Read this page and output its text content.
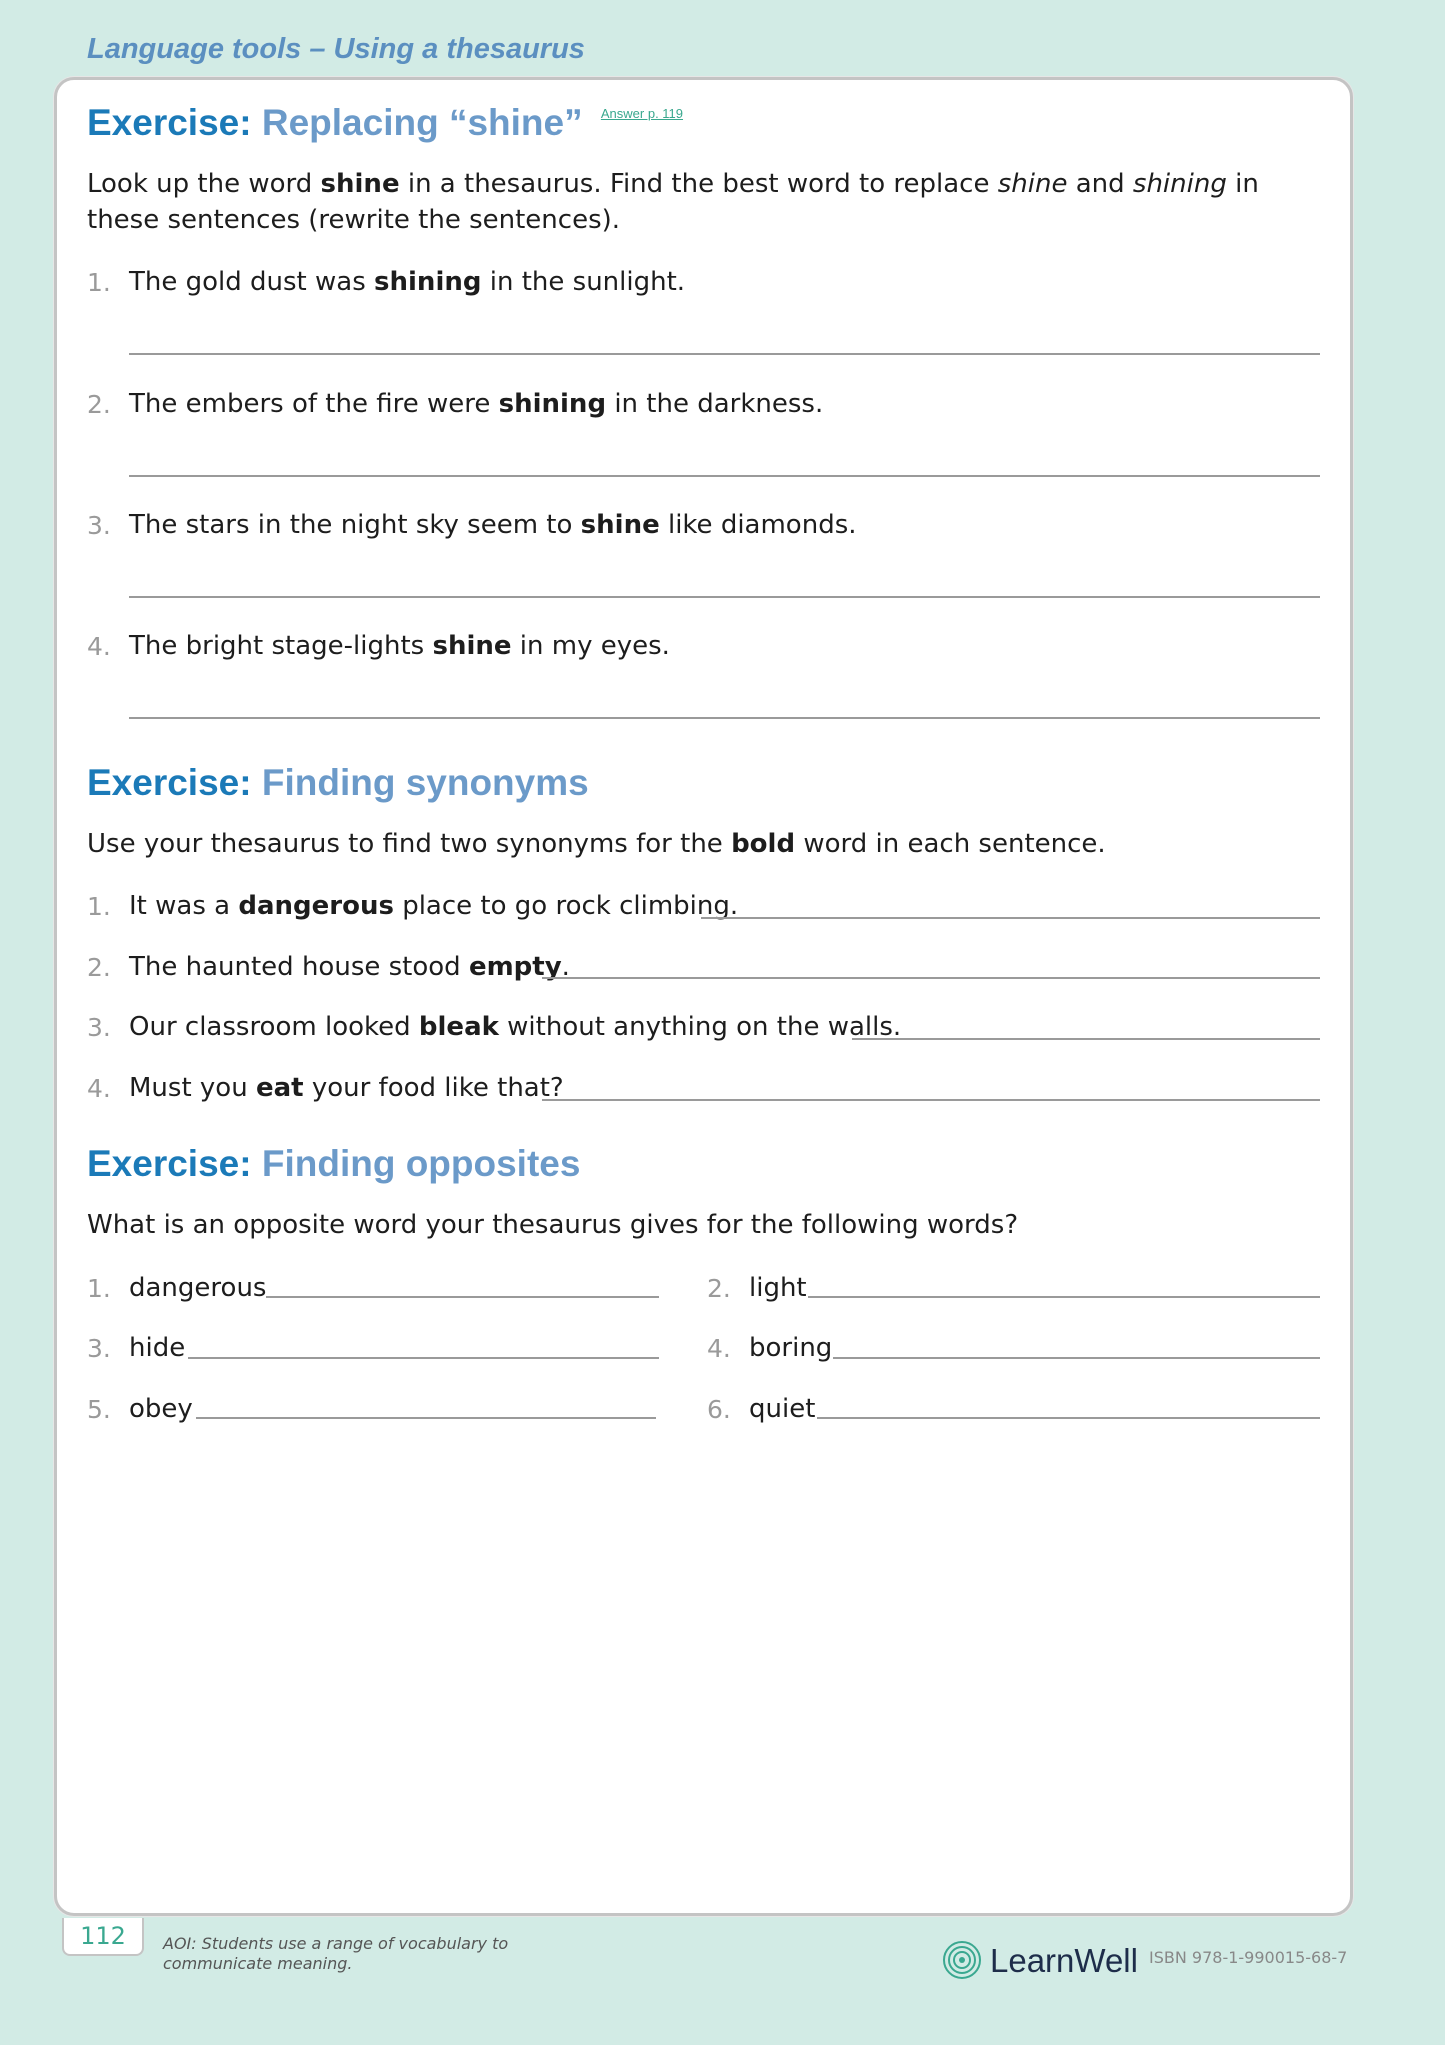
Language tools – Using a thesaurus
Exercise: Replacing “shine” $^{Answer p. 119}$
Look up the word shine in a thesaurus. Find the best word to replace shine and shining in these sentences (rewrite the sentences).
1. The gold dust was shining in the sunlight.
2. The embers of the fire were shining in the darkness.
3. The stars in the night sky seem to shine like diamonds.
4. The bright stage-lights shine in my eyes.
Exercise: Finding synonyms
Use your thesaurus to find two synonyms for the bold word in each sentence.
1. It was a dangerous place to go rock climbing.
2. The haunted house stood empty.
3. Our classroom looked bleak without anything on the walls.
4. Must you eat your food like that?
Exercise: Finding opposites
What is an opposite word your thesaurus gives for the following words?
1. dangerous	2. light
3. hide	4. boring
5. obey	6. quiet
112	AOI: Students use a range of vocabulary to communicate meaning.	LearnWell ISBN 978-1-990015-68-7
